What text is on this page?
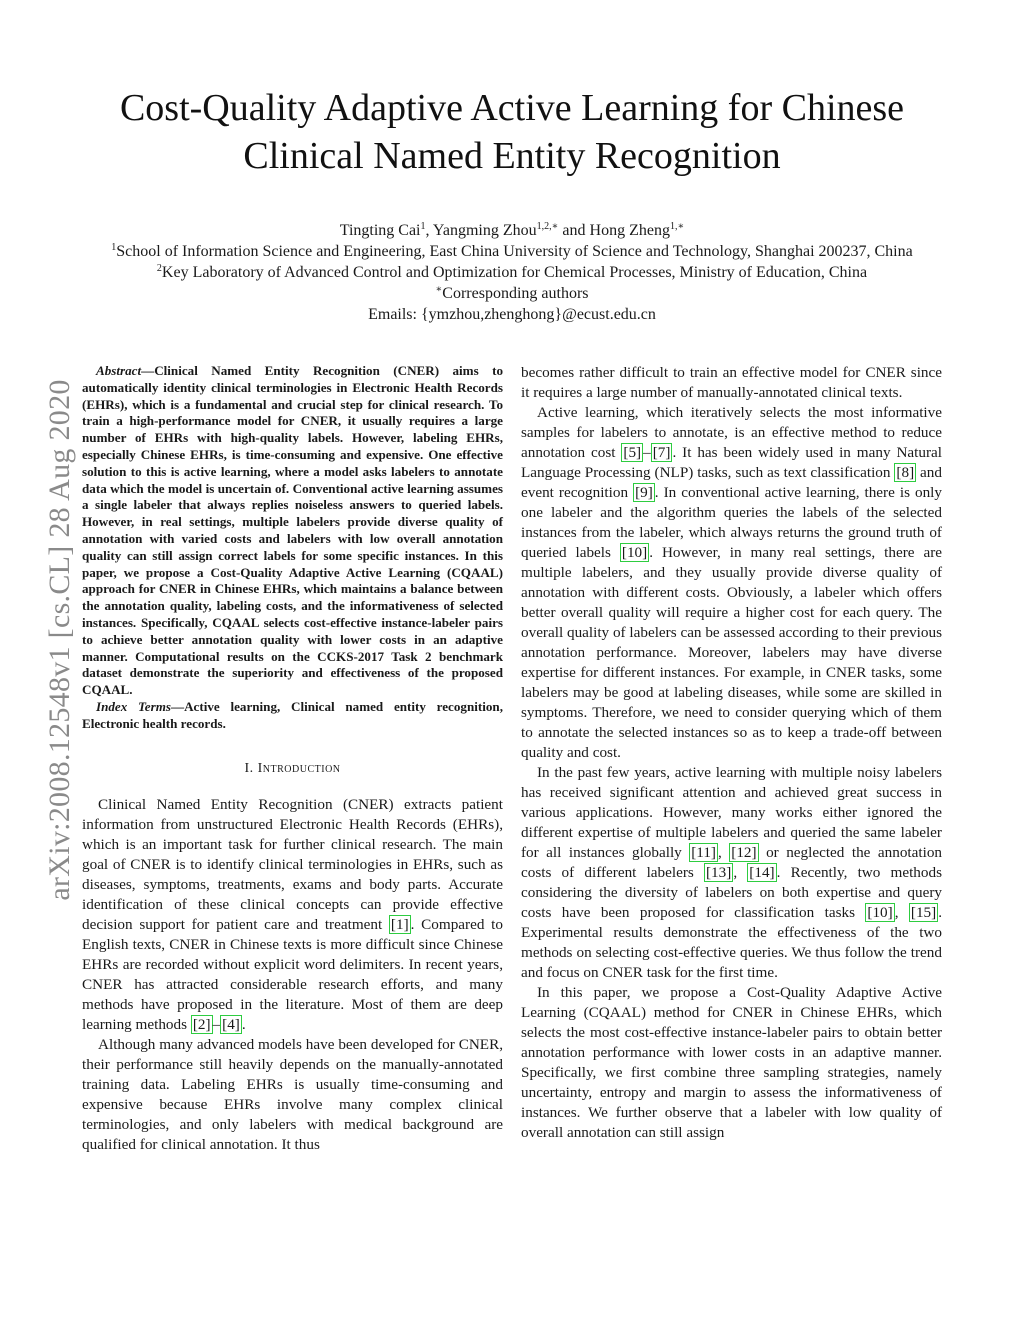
Cost-Quality Adaptive Active Learning for Chinese
Clinical Named Entity Recognition
Tingting Cai$^1$, Yangming Zhou$^{1,2,∗}$ and Hong Zheng$^{1,∗}$
$^1$School of Information Science and Engineering, East China University of Science and Technology, Shanghai 200237, China
$^2$Key Laboratory of Advanced Control and Optimization for Chemical Processes, Ministry of Education, China
∗Corresponding authors
Emails: {ymzhou,zhenghong}@ecust.edu.cn
arXiv:2008.12548v1 [cs.CL] 28 Aug 2020

Abstract—Clinical Named Entity Recognition (CNER) aims to automatically identity clinical terminologies in Electronic Health Records (EHRs), which is a fundamental and crucial step for clinical research. To train a high-performance model for CNER, it usually requires a large number of EHRs with high-quality labels. However, labeling EHRs, especially Chinese EHRs, is time-consuming and expensive. One effective solution to this is active learning, where a model asks labelers to annotate data which the model is uncertain of. Conventional active learning assumes a single labeler that always replies noiseless answers to queried labels. However, in real settings, multiple labelers provide diverse quality of annotation with varied costs and labelers with low overall annotation quality can still assign correct labels for some specific instances. In this paper, we propose a Cost-Quality Adaptive Active Learning (CQAAL) approach for CNER in Chinese EHRs, which maintains a balance between the annotation quality, labeling costs, and the informativeness of selected instances. Specifically, CQAAL selects cost-effective instance-labeler pairs to achieve better annotation quality with lower costs in an adaptive manner. Computational results on the CCKS-2017 Task 2 benchmark dataset demonstrate the superiority and effectiveness of the proposed CQAAL.

Index Terms—Active learning, Clinical named entity recognition, Electronic health records.

I. Introduction

Clinical Named Entity Recognition (CNER) extracts patient information from unstructured Electronic Health Records (EHRs), which is an important task for further clinical research. The main goal of CNER is to identify clinical terminologies in EHRs, such as diseases, symptoms, treatments, exams and body parts. Accurate identification of these clinical concepts can provide effective decision support for patient care and treatment [1] . Compared to English texts, CNER in Chinese texts is more difficult since Chinese EHRs are recorded without explicit word delimiters. In recent years, CNER has attracted considerable research efforts, and many methods have proposed in the literature. Most of them are deep learning methods [2] – [4] .

Although many advanced models have been developed for CNER, their performance still heavily depends on the manually-annotated training data. Labeling EHRs is usually time-consuming and expensive because EHRs involve many complex clinical terminologies, and only labelers with medical background are qualified for clinical annotation. It thus

becomes rather difficult to train an effective model for CNER since it requires a large number of manually-annotated clinical texts.

Active learning, which iteratively selects the most informative samples for labelers to annotate, is an effective method to reduce annotation cost [5] – [7] . It has been widely used in many Natural Language Processing (NLP) tasks, such as text classification [8] and event recognition [9] . In conventional active learning, there is only one labeler and the algorithm queries the labels of the selected instances from the labeler, which always returns the ground truth of queried labels [10] . However, in many real settings, there are multiple labelers, and they usually provide diverse quality of annotation with different costs. Obviously, a labeler which offers better overall quality will require a higher cost for each query. The overall quality of labelers can be assessed according to their previous annotation performance. Moreover, labelers may have diverse expertise for different instances. For example, in CNER tasks, some labelers may be good at labeling diseases, while some are skilled in symptoms. Therefore, we need to consider querying which of them to annotate the selected instances so as to keep a trade-off between quality and cost.

In the past few years, active learning with multiple noisy labelers has received significant attention and achieved great success in various applications. However, many works either ignored the different expertise of multiple labelers and queried the same labeler for all instances globally [11] , [12] or neglected the annotation costs of different labelers [13] , [14] . Recently, two methods considering the diversity of labelers on both expertise and query costs have been proposed for classification tasks [10] , [15] . Experimental results demonstrate the effectiveness of the two methods on selecting cost-effective queries. We thus follow the trend and focus on CNER task for the first time.

In this paper, we propose a Cost-Quality Adaptive Active Learning (CQAAL) method for CNER in Chinese EHRs, which selects the most cost-effective instance-labeler pairs to obtain better annotation performance with lower costs in an adaptive manner. Specifically, we first combine three sampling strategies, namely uncertainty, entropy and margin to assess the informativeness of instances. We further observe that a labeler with low quality of overall annotation can still assign
